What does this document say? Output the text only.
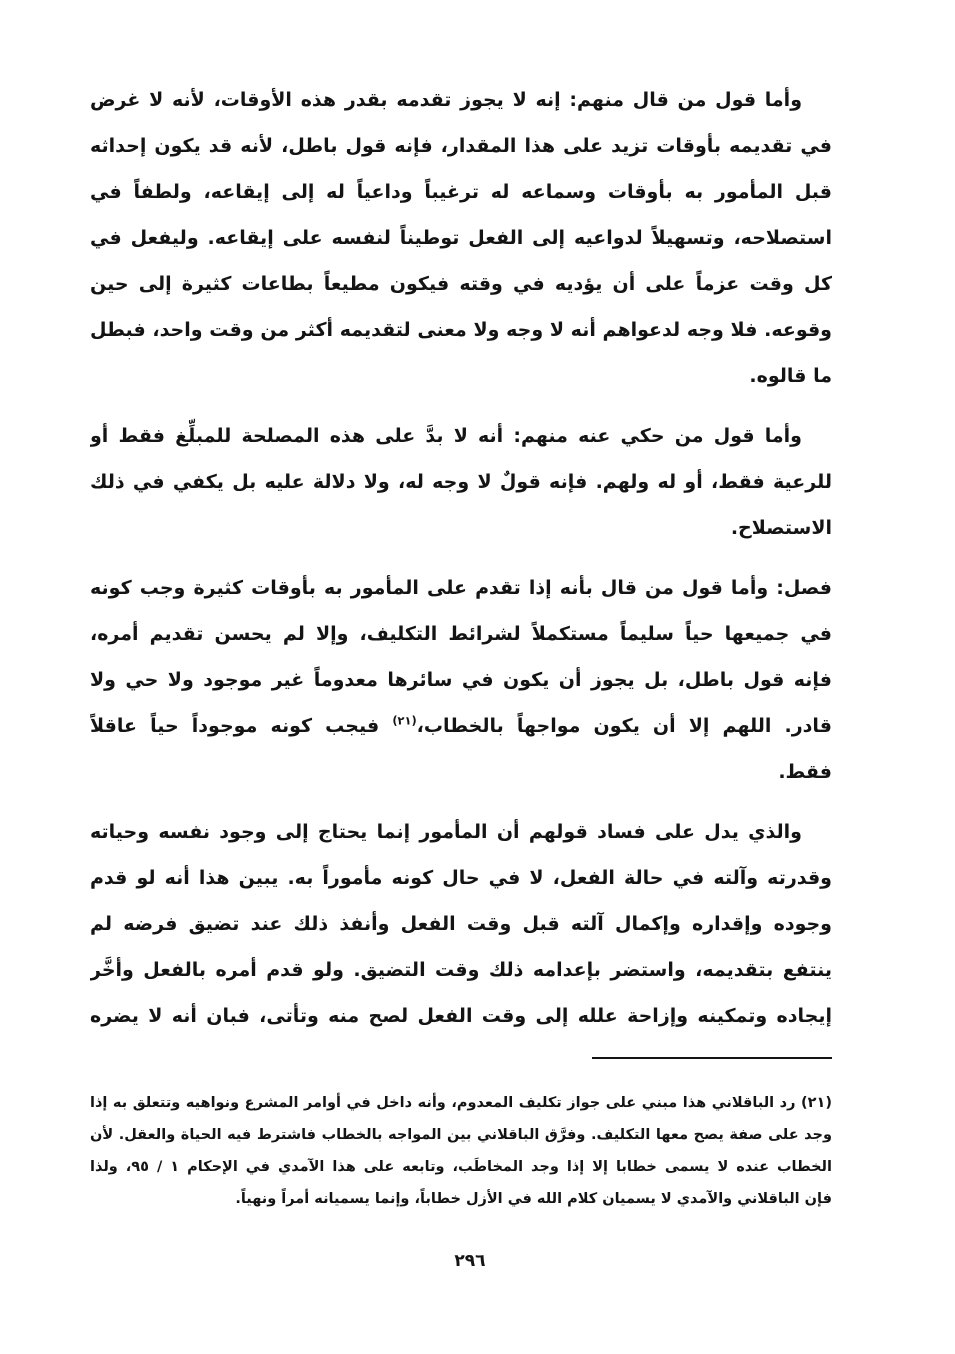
وأما قول من قال منهم: إنه لا يجوز تقدمه بقدر هذه الأوقات، لأنه لا غرض
في تقديمه بأوقات تزيد على هذا المقدار، فإنه قول باطل، لأنه قد يكون إحداثه
قبل المأمور به بأوقات وسماعه له ترغيباً وداعياً له إلى إيقاعه، ولطفاً في
استصلاحه، وتسهيلاً لدواعيه إلى الفعل توطيناً لنفسه على إيقاعه. وليفعل في
كل وقت عزماً على أن يؤديه في وقته فيكون مطيعاً بطاعات كثيرة إلى حين
وقوعه. فلا وجه لدعواهم أنه لا وجه ولا معنى لتقديمه أكثر من وقت واحد، فبطل
ما قالوه.
وأما قول من حكي عنه منهم: أنه لا بدَّ على هذه المصلحة للمبلِّغ فقط أو
للرعية فقط، أو له ولهم. فإنه قولٌ لا وجه له، ولا دلالة عليه بل يكفي في ذلك
الاستصلاح.
فصل: وأما قول من قال بأنه إذا تقدم على المأمور به بأوقات كثيرة وجب كونه
في جميعها حياً سليماً مستكملاً لشرائط التكليف، وإلا لم يحسن تقديم أمره،
فإنه قول باطل، بل يجوز أن يكون في سائرها معدوماً غير موجود ولا حي ولا
قادر. اللهم إلا أن يكون مواجهاً بالخطاب،$^{(٢١)}$ فيجب كونه موجوداً حياً عاقلاً
فقط.
والذي يدل على فساد قولهم أن المأمور إنما يحتاج إلى وجود نفسه وحياته
وقدرته وآلته في حالة الفعل، لا في حال كونه مأموراً به. يبين هذا أنه لو قدم
وجوده وإقداره وإكمال آلته قبل وقت الفعل وأنفذ ذلك عند تضيق فرضه لم
ينتفع بتقديمه، واستضر بإعدامه ذلك وقت التضيق. ولو قدم أمره بالفعل وأخَّر
إيجاده وتمكينه وإزاحة علله إلى وقت الفعل لصح منه وتأتى، فبان أنه لا يضره
(٢١) رد الباقلاني هذا مبني على جواز تكليف المعدوم، وأنه داخل في أوامر المشرع ونواهيه وتتعلق به إذا
وجد على صفة يصح معها التكليف. وفرَّق الباقلاني بين المواجه بالخطاب فاشترط فيه الحياة والعقل. لأن
الخطاب عنده لا يسمى خطابا إلا إذا وجد المخاطَب، وتابعه على هذا الآمدي في الإحكام ١ / ٩٥، ولذا
فإن الباقلاني والآمدي لا يسميان كلام الله في الأزل خطاباً، وإنما يسميانه أمراً ونهياً.
٢٩٦
